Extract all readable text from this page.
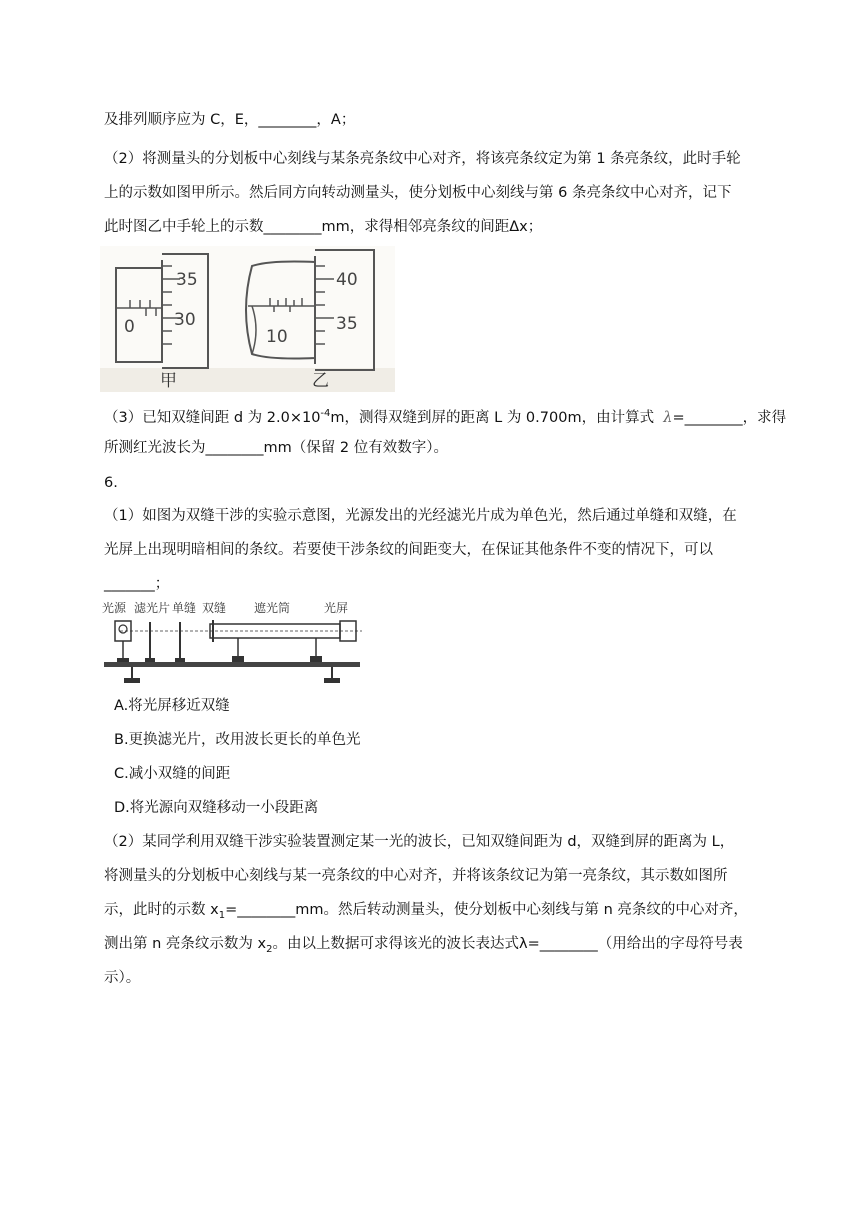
及排列顺序应为 C，E，________，A；
（2）将测量头的分划板中心刻线与某条亮条纹中心对齐，将该亮条纹定为第 1 条亮条纹，此时手轮
上的示数如图甲所示。然后同方向转动测量头，使分划板中心刻线与第 6 条亮条纹中心对齐，记下
此时图乙中手轮上的示数________mm，求得相邻亮条纹的间距Δx；
35
30
0
甲
40
35
10
乙
（3）已知双缝间距 d 为 $2.0\times 10^{-4}m$，测得双缝到屏的距离 L 为 0.700m，由计算式 λ=________，求得
所测红光波长为________mm（保留 2 位有效数字）。
6.
（1）如图为双缝干涉的实验示意图，光源发出的光经滤光片成为单色光，然后通过单缝和双缝，在
光屏上出现明暗相间的条纹。若要使干涉条纹的间距变大，在保证其他条件不变的情况下，可以
_______；
光源 滤光片 单缝 双缝 遮光筒	光屏
A.将光屏移近双缝
B.更换滤光片，改用波长更长的单色光
C.减小双缝的间距
D.将光源向双缝移动一小段距离
（2）某同学利用双缝干涉实验装置测定某一光的波长，已知双缝间距为 d，双缝到屏的距离为 L，
将测量头的分划板中心刻线与某一亮条纹的中心对齐，并将该条纹记为第一亮条纹，其示数如图所
示，此时的示数 $x_1=\_\_\_\_\_\_\_\_mm$。然后转动测量头，使分划板中心刻线与第 n 亮条纹的中心对齐，
测出第 n 亮条纹示数为 $x_2$。由以上数据可求得该光的波长表达式λ=________（用给出的字母符号表
示）。
